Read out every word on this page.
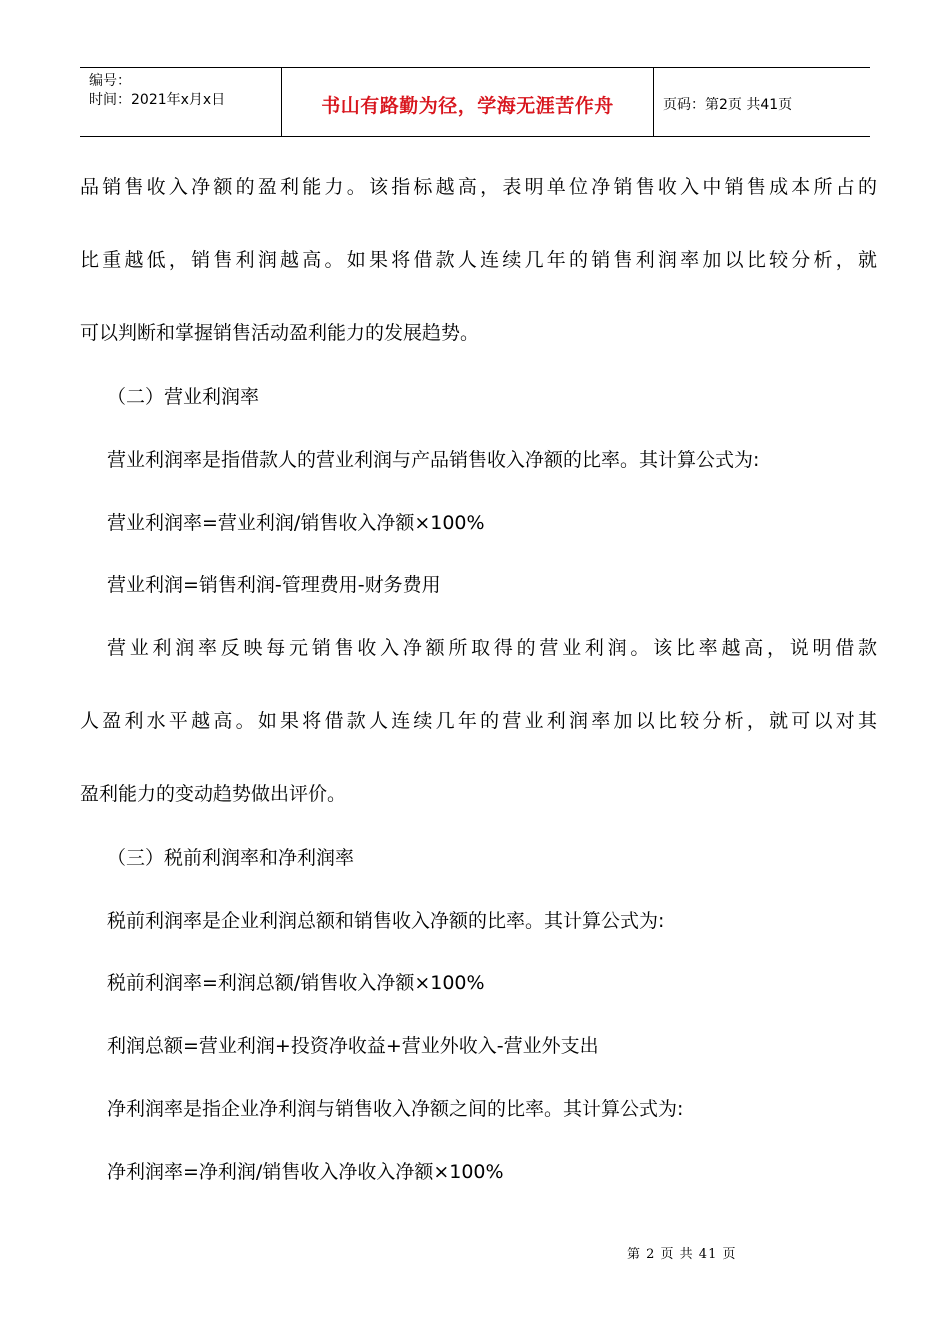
编号：
时间：2021年x月x日	书山有路勤为径，学海无涯苦作舟	页码：第2页 共41页
品销售收入净额的盈利能力。该指标越高，表明单位净销售收入中销售成本所占的
比重越低，销售利润越高。如果将借款人连续几年的销售利润率加以比较分析，就
可以判断和掌握销售活动盈利能力的发展趋势。
（二）营业利润率
营业利润率是指借款人的营业利润与产品销售收入净额的比率。其计算公式为:
营业利润率=营业利润/销售收入净额×100%
营业利润=销售利润-管理费用-财务费用
营业利润率反映每元销售收入净额所取得的营业利润。该比率越高，说明借款
人盈利水平越高。如果将借款人连续几年的营业利润率加以比较分析，就可以对其
盈利能力的变动趋势做出评价。
（三）税前利润率和净利润率
税前利润率是企业利润总额和销售收入净额的比率。其计算公式为:
税前利润率=利润总额/销售收入净额×100%
利润总额=营业利润+投资净收益+营业外收入-营业外支出
净利润率是指企业净利润与销售收入净额之间的比率。其计算公式为:
净利润率=净利润/销售收入净收入净额×100%
第 2 页 共 41 页
